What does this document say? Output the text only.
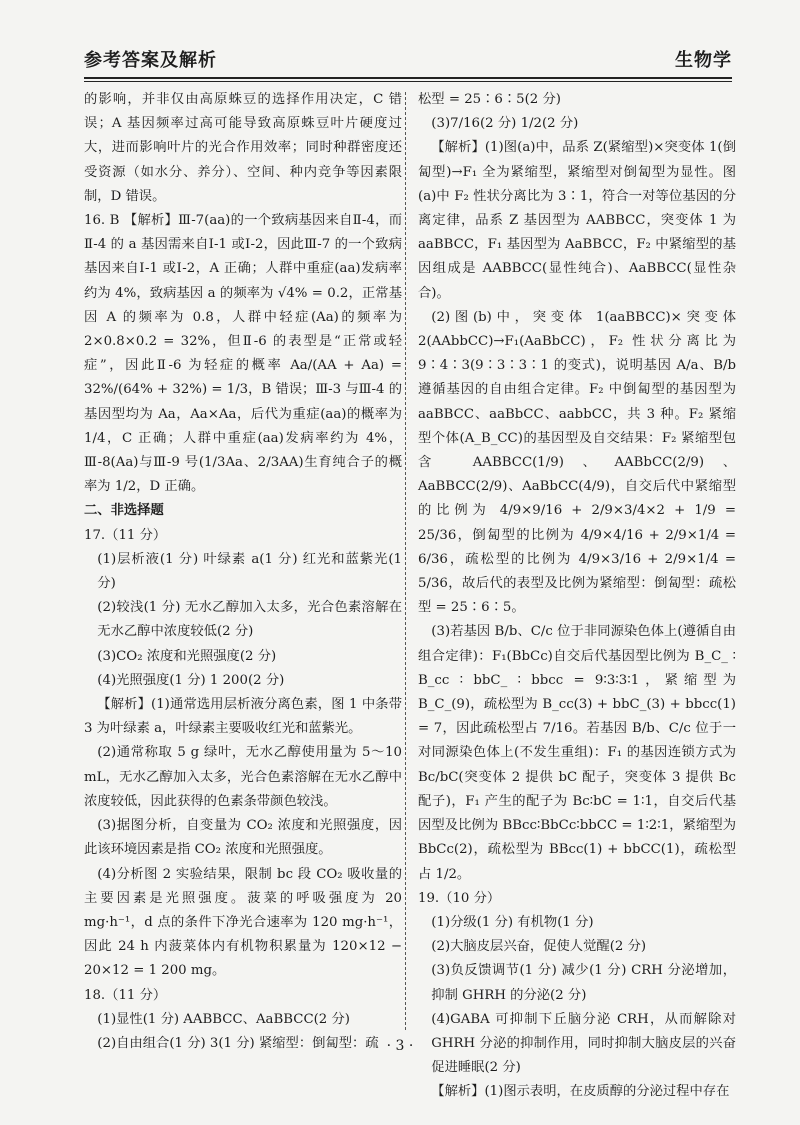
参考答案及解析	生物学

的影响，并非仅由高原蛛豆的选择作用决定，C 错误；A 基因频率过高可能导致高原蛛豆叶片硬度过大，进而影响叶片的光合作用效率；同时种群密度还受资源（如水分、养分）、空间、种内竞争等因素限制，D 错误。

16. B 【解析】Ⅲ-7(aa)的一个致病基因来自Ⅱ-4，而Ⅱ-4 的 a 基因需来自Ⅰ-1 或Ⅰ-2，因此Ⅲ-7 的一个致病基因来自Ⅰ-1 或Ⅰ-2，A 正确；人群中重症(aa)发病率约为 4%，致病基因 a 的频率为 √4% = 0.2，正常基因 A 的频率为 0.8，人群中轻症(Aa)的频率为 2×0.8×0.2 = 32%，但Ⅱ-6 的表型是“正常或轻症”，因此Ⅱ-6 为轻症的概率 Aa/(AA + Aa) = 32%/(64% + 32%) = 1/3，B 错误；Ⅲ-3 与Ⅲ-4 的基因型均为 Aa，Aa×Aa，后代为重症(aa)的概率为 1/4，C 正确；人群中重症(aa)发病率约为 4%，Ⅲ-8(Aa)与Ⅲ-9 号(1/3Aa、2/3AA)生育纯合子的概率为 1/2，D 正确。

二、非选择题

17.（11 分）

(1)层析液(1 分) 叶绿素 a(1 分) 红光和蓝紫光(1 分)

(2)较浅(1 分) 无水乙醇加入太多，光合色素溶解在无水乙醇中浓度较低(2 分)

(3)CO₂ 浓度和光照强度(2 分)

(4)光照强度(1 分) 1 200(2 分)

【解析】(1)通常选用层析液分离色素，图 1 中条带 3 为叶绿素 a，叶绿素主要吸收红光和蓝紫光。

(2)通常称取 5 g 绿叶，无水乙醇使用量为 5～10 mL，无水乙醇加入太多，光合色素溶解在无水乙醇中浓度较低，因此获得的色素条带颜色较浅。

(3)据图分析，自变量为 CO₂ 浓度和光照强度，因此该环境因素是指 CO₂ 浓度和光照强度。

(4)分析图 2 实验结果，限制 bc 段 CO₂ 吸收量的主要因素是光照强度。菠菜的呼吸强度为 20 mg·h⁻¹，d 点的条件下净光合速率为 120 mg·h⁻¹，因此 24 h 内菠菜体内有机物积累量为 120×12 − 20×12 = 1 200 mg。

18.（11 分）

(1)显性(1 分) AABBCC、AaBBCC(2 分)

(2)自由组合(1 分) 3(1 分) 紧缩型：倒匐型：疏

松型 = 25∶6∶5(2 分)

(3)7/16(2 分) 1/2(2 分)

【解析】(1)图(a)中，品系 Z(紧缩型)×突变体 1(倒匐型)→F₁ 全为紧缩型，紧缩型对倒匐型为显性。图(a)中 F₂ 性状分离比为 3∶1，符合一对等位基因的分离定律，品系 Z 基因型为 AABBCC，突变体 1 为 aaBBCC，F₁ 基因型为 AaBBCC，F₂ 中紧缩型的基因组成是 AABBCC(显性纯合)、AaBBCC(显性杂合)。

(2)图(b)中，突变体 1(aaBBCC)×突变体 2(AAbbCC)→F₁(AaBbCC)，F₂ 性状分离比为 9∶4∶3(9∶3∶3∶1 的变式)，说明基因 A/a、B/b 遵循基因的自由组合定律。F₂ 中倒匐型的基因型为 aaBBCC、aaBbCC、aabbCC，共 3 种。F₂ 紧缩型个体(A_B_CC)的基因型及自交结果：F₂ 紧缩型包含 AABBCC(1/9)、AABbCC(2/9)、AaBBCC(2/9)、AaBbCC(4/9)，自交后代中紧缩型的比例为 4/9×9/16 + 2/9×3/4×2 + 1/9 = 25/36，倒匐型的比例为 4/9×4/16 + 2/9×1/4 = 6/36，疏松型的比例为 4/9×3/16 + 2/9×1/4 = 5/36，故后代的表型及比例为紧缩型：倒匐型：疏松型 = 25∶6∶5。

(3)若基因 B/b、C/c 位于非同源染色体上(遵循自由组合定律)：F₁(BbCc)自交后代基因型比例为 B_C_ ∶ B_cc ∶ bbC_ ∶ bbcc = 9∶3∶3∶1，紧缩型为 B_C_(9)，疏松型为 B_cc(3) + bbC_(3) + bbcc(1) = 7，因此疏松型占 7/16。若基因 B/b、C/c 位于一对同源染色体上(不发生重组)：F₁ 的基因连锁方式为 Bc/bC(突变体 2 提供 bC 配子，突变体 3 提供 Bc 配子)，F₁ 产生的配子为 Bc∶bC = 1∶1，自交后代基因型及比例为 BBcc∶BbCc∶bbCC = 1∶2∶1，紧缩型为 BbCc(2)，疏松型为 BBcc(1) + bbCC(1)，疏松型占 1/2。

19.（10 分）

(1)分级(1 分) 有机物(1 分)

(2)大脑皮层兴奋，促使人觉醒(2 分)

(3)负反馈调节(1 分) 减少(1 分) CRH 分泌增加，抑制 GHRH 的分泌(2 分)

(4)GABA 可抑制下丘脑分泌 CRH，从而解除对 GHRH 分泌的抑制作用，同时抑制大脑皮层的兴奋促进睡眠(2 分)

【解析】(1)图示表明，在皮质醇的分泌过程中存在

· 3 ·
